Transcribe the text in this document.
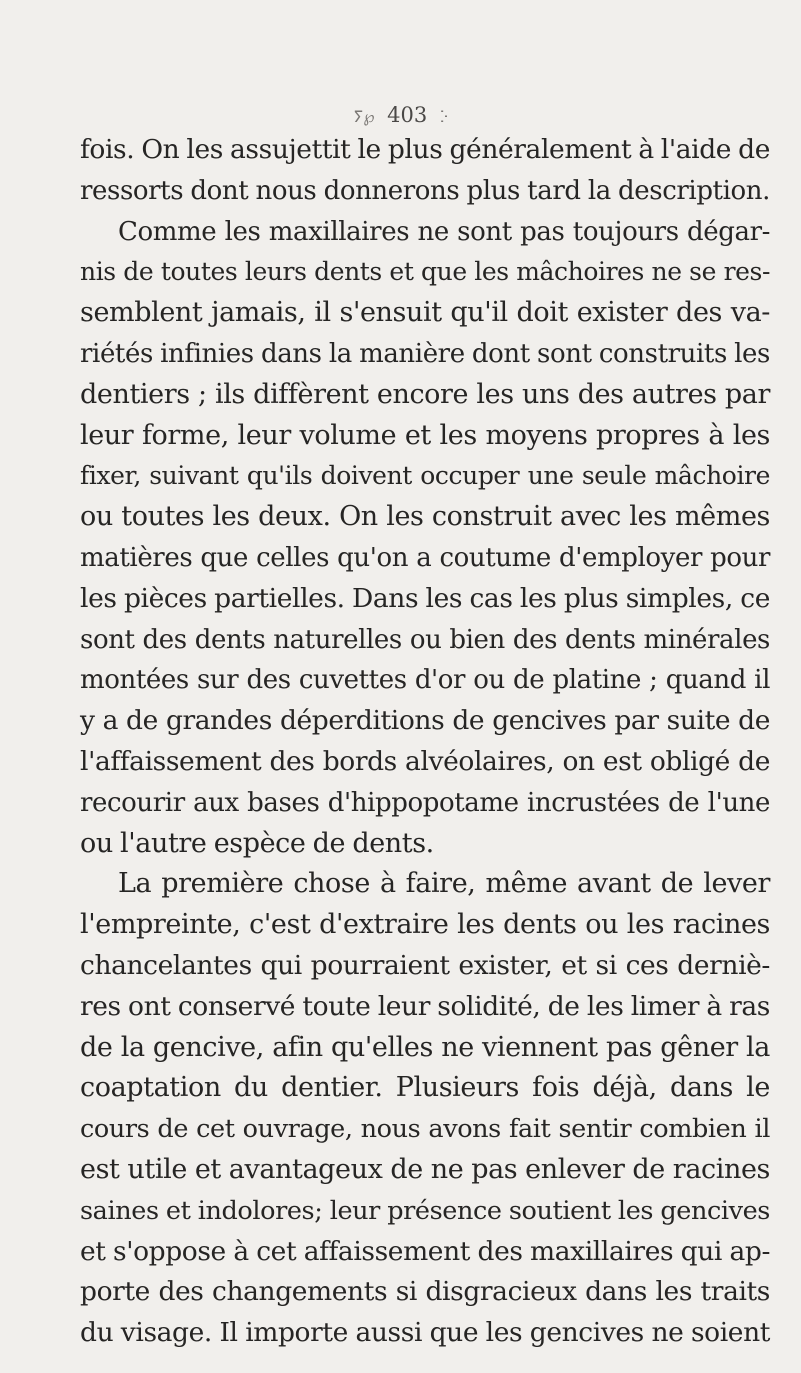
ⵢ℘ 403 ⴾ
fois. On les assujettit le plus généralement à l'aide de
ressorts dont nous donnerons plus tard la description.
Comme les maxillaires ne sont pas toujours dégar-
nis de toutes leurs dents et que les mâchoires ne se res-
semblent jamais, il s'ensuit qu'il doit exister des va-
riétés infinies dans la manière dont sont construits les
dentiers ; ils diffèrent encore les uns des autres par
leur forme, leur volume et les moyens propres à les
fixer, suivant qu'ils doivent occuper une seule mâchoire
ou toutes les deux. On les construit avec les mêmes
matières que celles qu'on a coutume d'employer pour
les pièces partielles. Dans les cas les plus simples, ce
sont des dents naturelles ou bien des dents minérales
montées sur des cuvettes d'or ou de platine ; quand il
y a de grandes déperditions de gencives par suite de
l'affaissement des bords alvéolaires, on est obligé de
recourir aux bases d'hippopotame incrustées de l'une
ou l'autre espèce de dents.
La première chose à faire, même avant de lever
l'empreinte, c'est d'extraire les dents ou les racines
chancelantes qui pourraient exister, et si ces derniè-
res ont conservé toute leur solidité, de les limer à ras
de la gencive, afin qu'elles ne viennent pas gêner la
coaptation du dentier. Plusieurs fois déjà, dans le
cours de cet ouvrage, nous avons fait sentir combien il
est utile et avantageux de ne pas enlever de racines
saines et indolores; leur présence soutient les gencives
et s'oppose à cet affaissement des maxillaires qui ap-
porte des changements si disgracieux dans les traits
du visage. Il importe aussi que les gencives ne soient
